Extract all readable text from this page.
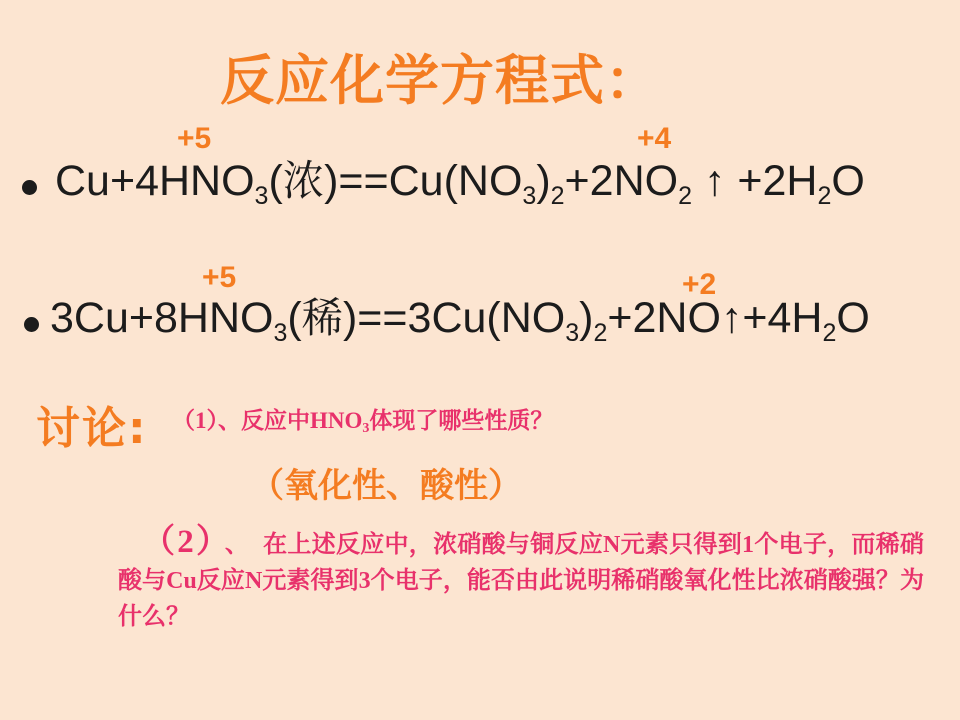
反应化学方程式：
+5	+4
$Cu+4HNO_3$(浓)$==Cu(NO_3)_2+2NO_2$ ↑ $+2H_2O$
+5	+2
$3Cu+8HNO_3$(稀)$==3Cu(NO_3)_2+2NO↑+4H_2O$
讨论: （1）、反应中$HNO_3$体现了哪些性质？
（氧化性、酸性）
（2） 、 在上述反应中，浓硝酸与铜反应N元素只得到1个电子，而稀硝酸与Cu反应N元素得到3个电子，能否由此说明稀硝酸氧化性比浓硝酸强？为什么？
